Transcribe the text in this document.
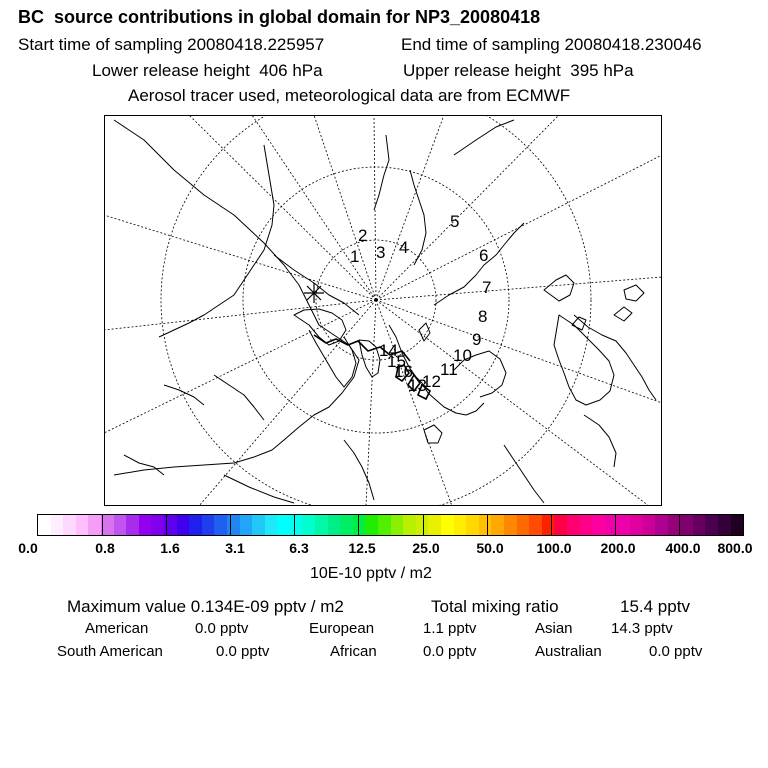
BC  source contributions in global domain for NP3_20080418
Start time of sampling 20080418.225957	End time of sampling 20080418.230046
Lower release height  406 hPa	Upper release height  395 hPa
Aerosol tracer used, meteorological data are from ECMWF
1
2
3 4
5
6
7
8
9
10
11
12
13
14
15
16
0.0	0.8	1.6	3.1	6.3	12.5	25.0	50.0 100.0 200.0 400.0 800.0
10E-10 pptv / m2
Maximum value 0.134E-09 pptv / m2	Total mixing ratio	15.4 pptv
American	0.0 pptv	European	1.1 pptv	Asian	14.3 pptv
South American	0.0 pptv	African	0.0 pptv	Australian	0.0 pptv
